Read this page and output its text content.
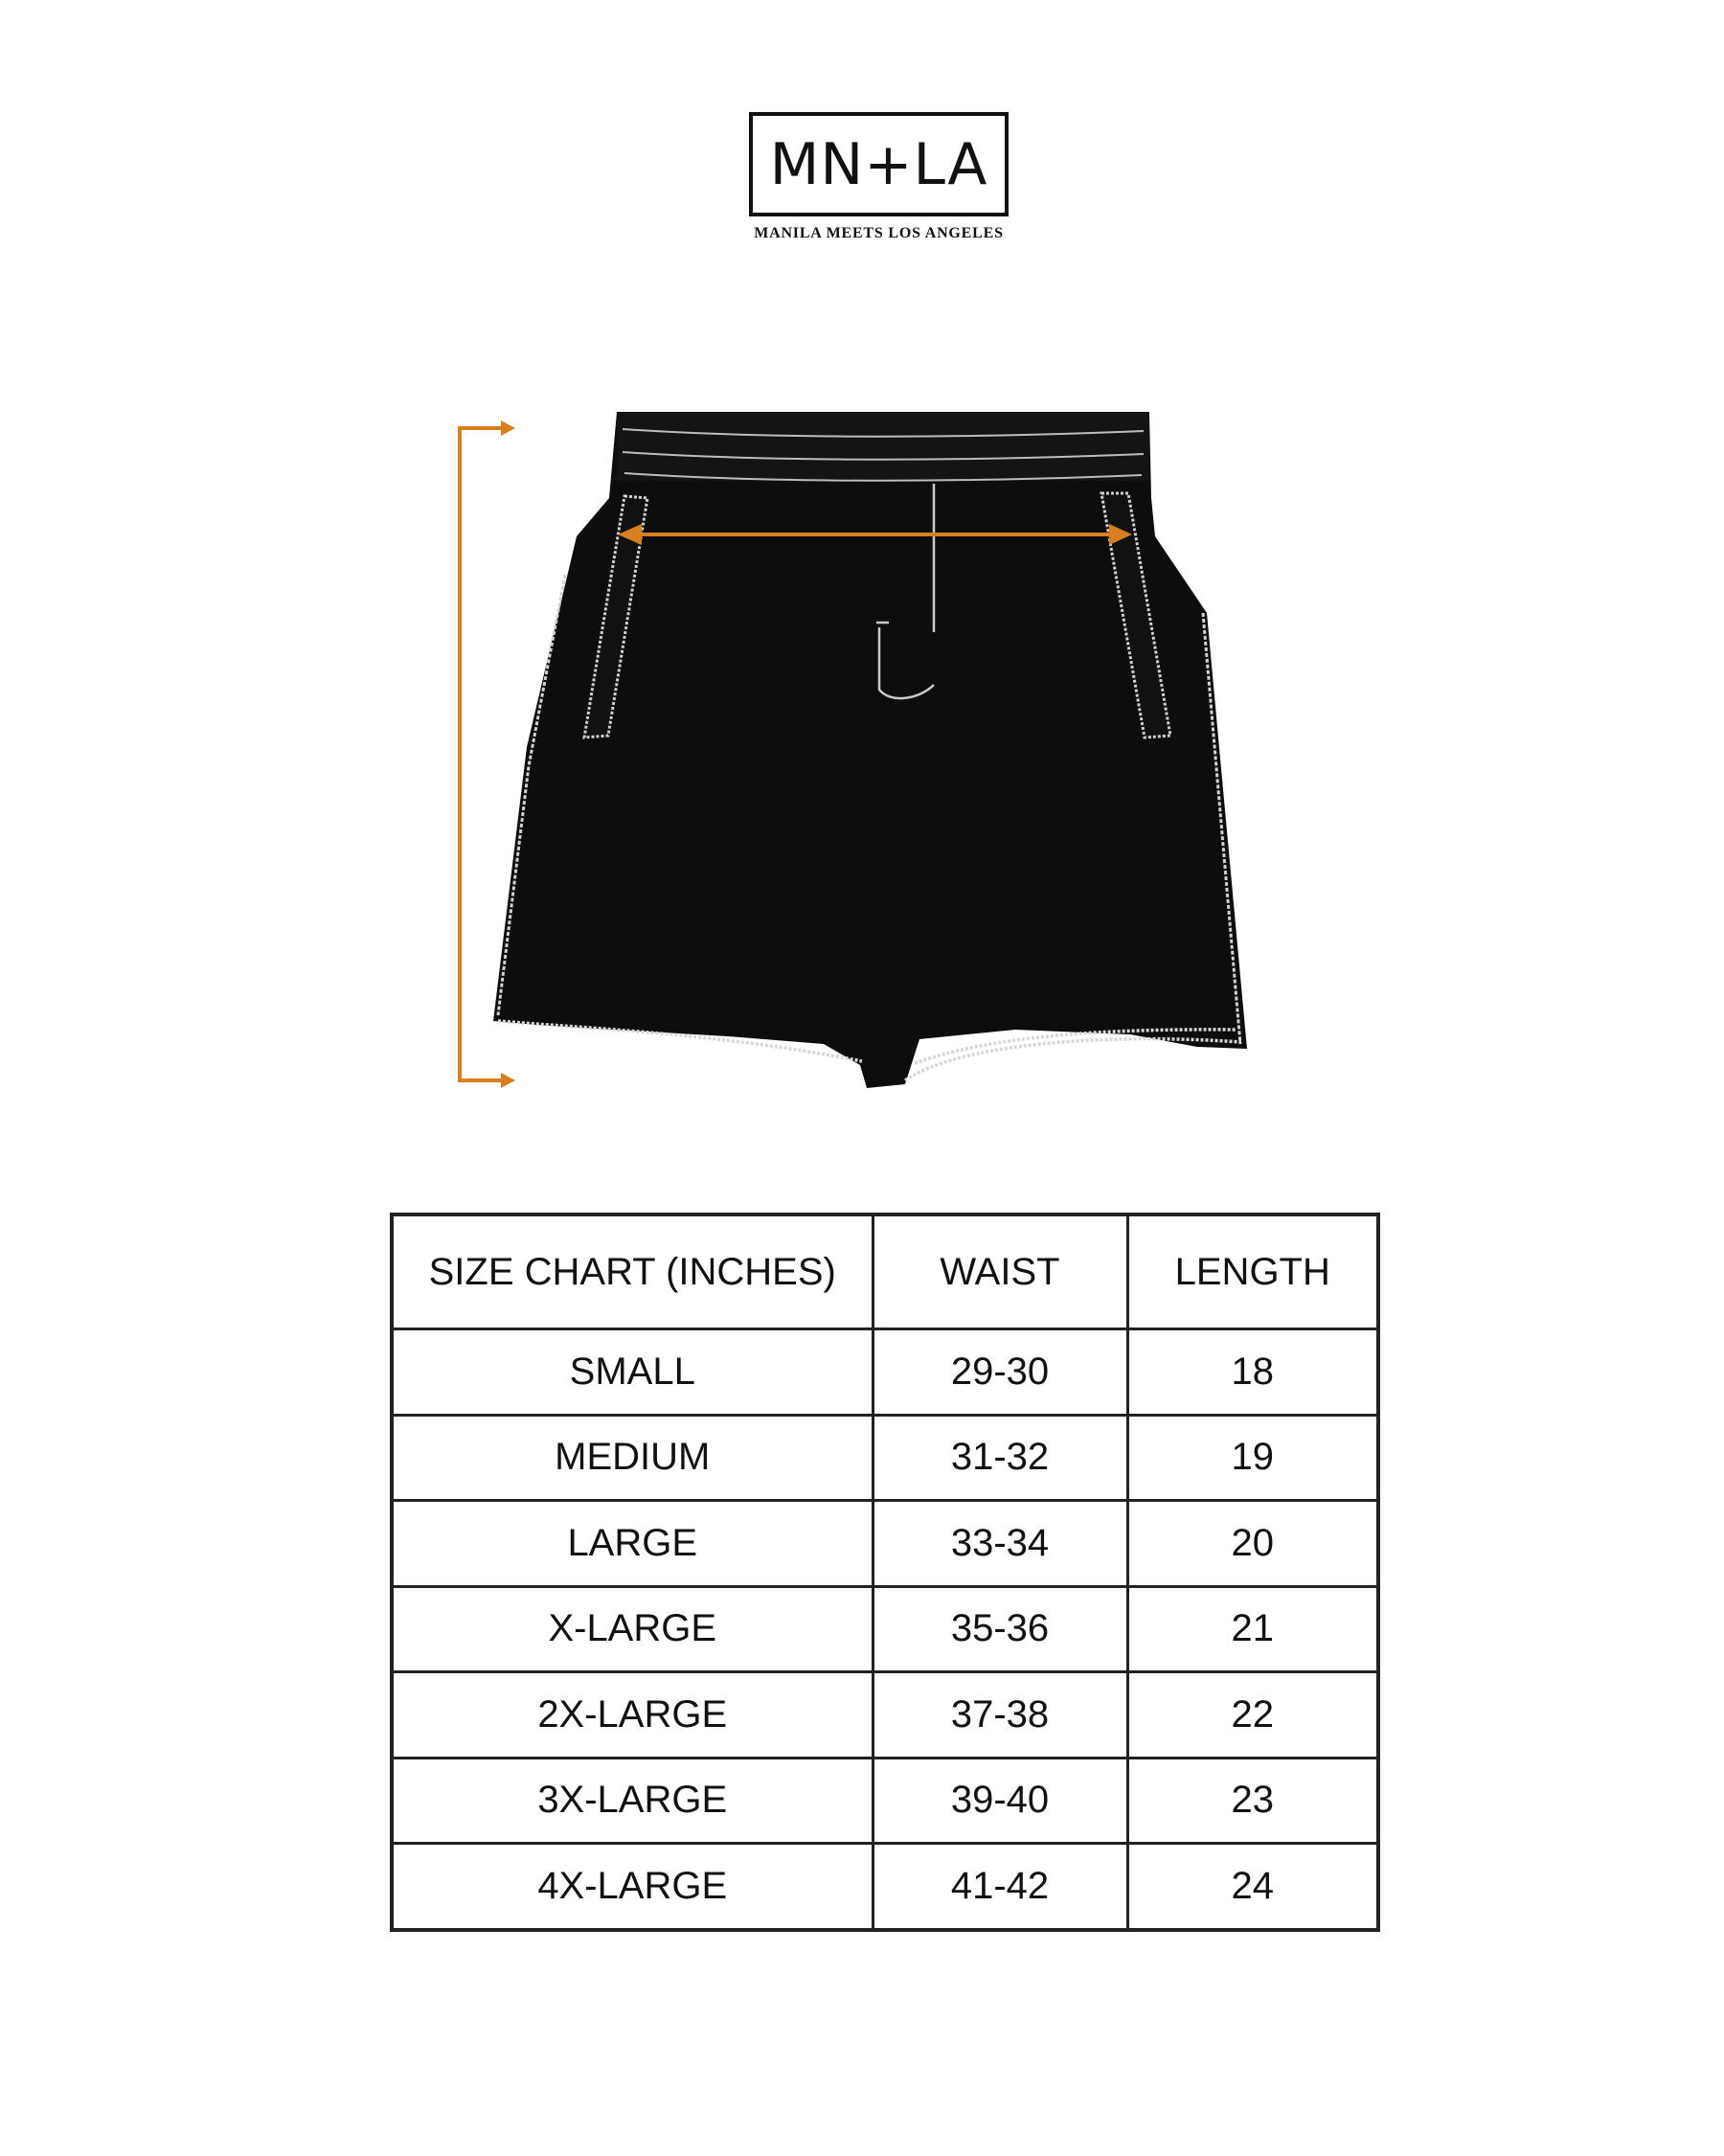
MN+LA
MANILA MEETS LOS ANGELES
SIZE CHART (INCHES)	WAIST	LENGTH
SMALL	29-30	18
MEDIUM	31-32	19
LARGE	33-34	20
X-LARGE	35-36	21
2X-LARGE	37-38	22
3X-LARGE	39-40	23
4X-LARGE	41-42	24
